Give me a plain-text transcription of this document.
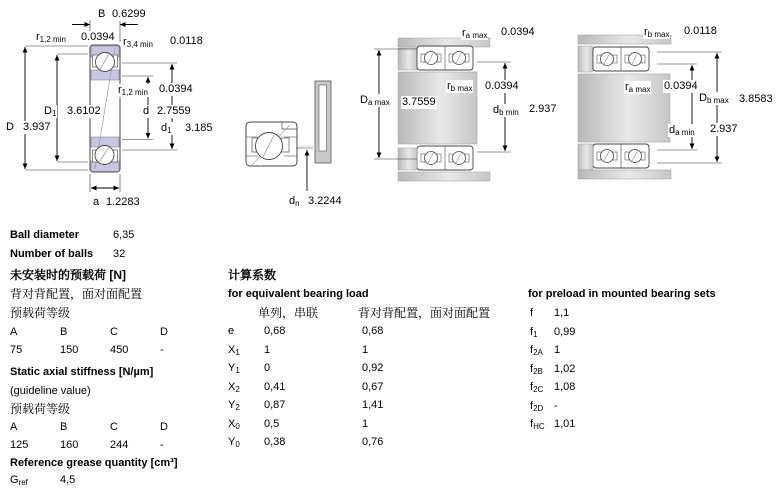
B 0.6299
$r_{1,2 min}$ 0.0394 $r_{3,4 min}$ 0.0118
$D_1$ 3.6102
D 3.937
$r_{1,2 min}$ 0.0394
d 2.7559
$d_1$ 3.185
a 1.2283	$d_n$ 3.2244
$r_{a max}$ 0.0394
$D_{a max}$ 3.7559
$r_{b max}$ 0.0394
$d_{b min}$ 2.937
$r_{b max}$ 0.0118
$r_{a max}$ 0.0394
$D_{b max}$ 3.8583
$d_{a min}$ 2.937
Ball diameter	6,35
Number of balls 32
未安装时的预载荷 [N]
背对背配置，面对面配置
预载荷等级
A	B	C	D
75	150	450	-
Static axial stiffness [N/µm]
(guideline value)
预载荷等级
A	B	C	D
125	160	244	-
Reference grease quantity [cm³]
$G_{ref}$	4,5
计算系数
for equivalent bearing load
单列，串联	背对背配置，面对面配置
e	0,68	0,68
$X_1$ 1	1
$Y_1$ 0	0,92
$X_2$ 0,41	0,67
$Y_2$ 0,87	1,41
$X_0$ 0,5	1
$Y_0$ 0,38	0,76
for preload in mounted bearing sets
f 1,1
$f_1$ 0,99
$f_{2A}$ 1
$f_{2B}$ 1,02
$f_{2C}$ 1,08
$f_{2D}$ -
$f_{HC}$ 1,01
